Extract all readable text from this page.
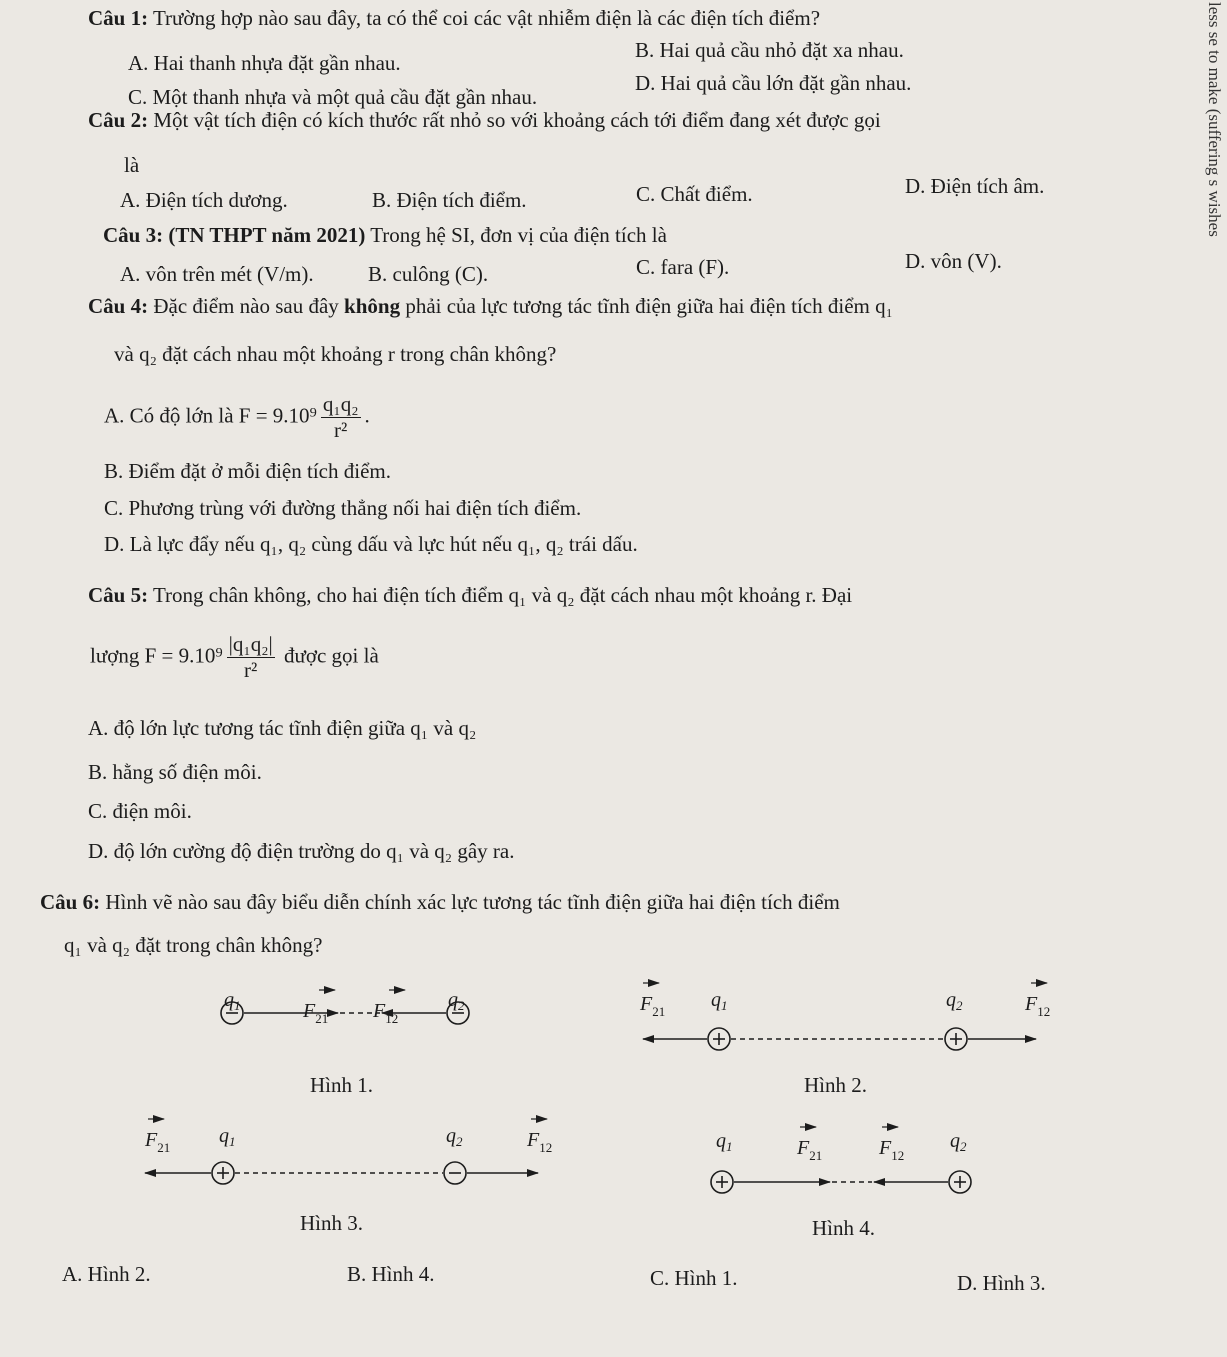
Câu 1: Trường hợp nào sau đây, ta có thể coi các vật nhiễm điện là các điện tích điểm?
A. Hai thanh nhựa đặt gần nhau.
B. Hai quả cầu nhỏ đặt xa nhau.
C. Một thanh nhựa và một quả cầu đặt gần nhau.
D. Hai quả cầu lớn đặt gần nhau.
Câu 2: Một vật tích điện có kích thước rất nhỏ so với khoảng cách tới điểm đang xét được gọi
là
A. Điện tích dương.	B. Điện tích điểm.	C. Chất điểm.	D. Điện tích âm.
Câu 3: (TN THPT năm 2021) Trong hệ SI, đơn vị của điện tích là
A. vôn trên mét (V/m).	B. culông (C).	C. fara (F).	D. vôn (V).
Câu 4: Đặc điểm nào sau đây không phải của lực tương tác tĩnh điện giữa hai điện tích điểm q₁
và q₂ đặt cách nhau một khoảng r trong chân không?
A. Có độ lớn là $F = 9.10^9 \frac{\text{q₁q₂}}{\text{r²}}$ .
B. Điểm đặt ở mỗi điện tích điểm.
C. Phương trùng với đường thẳng nối hai điện tích điểm.
D. Là lực đẩy nếu q₁, q₂ cùng dấu và lực hút nếu q₁, q₂ trái dấu.
Câu 5: Trong chân không, cho hai điện tích điểm q₁ và q₂ đặt cách nhau một khoảng r. Đại
lượng $F = 9.10^9 \frac{\text{|q₁q₂|}}{\text{r²}}$ được gọi là
A. độ lớn lực tương tác tĩnh điện giữa q₁ và q₂
B. hằng số điện môi.
C. điện môi.
D. độ lớn cường độ điện trường do q₁ và q₂ gây ra.
Câu 6: Hình vẽ nào sau đây biểu diễn chính xác lực tương tác tĩnh điện giữa hai điện tích điểm
q₁ và q₂ đặt trong chân không?
$q_1$	$F_{21}$ $F_{12}$
$q_2$	$F_{21}$
$q_1$	$q_2$	$F_{12}$
$F_{21}$
$q_1$	$q_2$	$F_{12}$	$q_1$	$F_{21}$	$F_{12}$
$q_2$
Hình 1.	Hình 2.
Hình 3.	Hình 4.
A. Hình 2.	B. Hình 4.	C. Hình 1.	D. Hình 3.
less se to make (suffering s wishes
